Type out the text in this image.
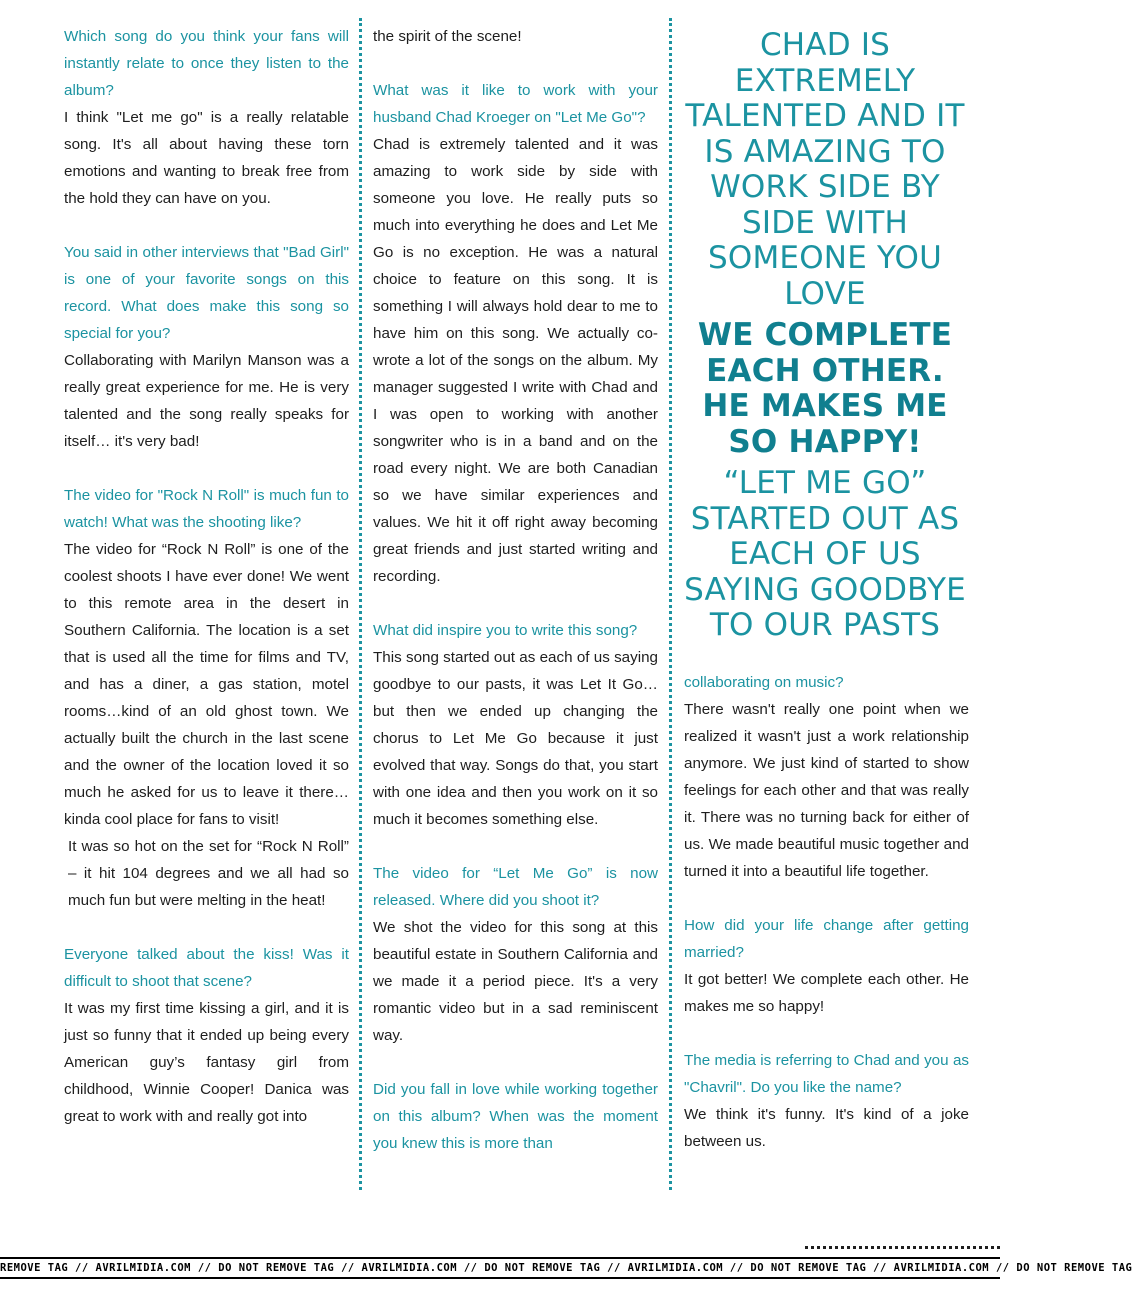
Which song do you think your fans will instantly relate to once they listen to the album?

I think "Let me go" is a really relatable song. It's all about having these torn emotions and wanting to break free from the hold they can have on you.

You said in other interviews that "Bad Girl" is one of your favorite songs on this record. What does make this song so special for you?

Collaborating with Marilyn Manson was a really great experience for me. He is very talented and the song really speaks for itself… it's very bad!

The video for "Rock N Roll" is much fun to watch! What was the shooting like?

The video for “Rock N Roll” is one of the coolest shoots I have ever done! We went to this remote area in the desert in Southern California. The location is a set that is used all the time for films and TV, and has a diner, a gas station, motel rooms…kind of an old ghost town. We actually built the church in the last scene and the owner of the location loved it so much he asked for us to leave it there…kinda cool place for fans to visit!

It was so hot on the set for “Rock N Roll” – it hit 104 degrees and we all had so much fun but were melting in the heat!

Everyone talked about the kiss! Was it difficult to shoot that scene?

It was my first time kissing a girl, and it is just so funny that it ended up being every American guy’s fantasy girl from childhood, Winnie Cooper! Danica was great to work with and really got into

the spirit of the scene!

What was it like to work with your husband Chad Kroeger on "Let Me Go"?

Chad is extremely talented and it was amazing to work side by side with someone you love. He really puts so much into everything he does and Let Me Go is no exception. He was a natural choice to feature on this song. It is something I will always hold dear to me to have him on this song. We actually co-wrote a lot of the songs on the album. My manager suggested I write with Chad and I was open to working with another songwriter who is in a band and on the road every night. We are both Canadian so we have similar experiences and values. We hit it off right away becoming great friends and just started writing and recording.

What did inspire you to write this song?

This song started out as each of us saying goodbye to our pasts, it was Let It Go… but then we ended up changing the chorus to Let Me Go because it just evolved that way. Songs do that, you start with one idea and then you work on it so much it becomes something else.

The video for “Let Me Go” is now released. Where did you shoot it?

We shot the video for this song at this beautiful estate in Southern California and we made it a period piece. It's a very romantic video but in a sad reminiscent way.

Did you fall in love while working together on this album? When was the moment you knew this is more than

CHAD IS EXTREMELY TALENTED AND IT IS AMAZING TO WORK SIDE BY SIDE WITH SOMEONE YOU LOVE

WE COMPLETE EACH OTHER. HE MAKES ME SO HAPPY!

“LET ME GO” STARTED OUT AS EACH OF US SAYING GOODBYE TO OUR PASTS

collaborating on music?

There wasn't really one point when we realized it wasn't just a work relationship anymore. We just kind of started to show feelings for each other and that was really it. There was no turning back for either of us. We made beautiful music together and turned it into a beautiful life together.

How did your life change after getting married?

It got better! We complete each other. He makes me so happy!

The media is referring to Chad and you as "Chavril". Do you like the name?

We think it's funny. It's kind of a joke between us.

REMOVE TAG // AVRILMIDIA.COM // DO NOT REMOVE TAG // AVRILMIDIA.COM // DO NOT REMOVE TAG // AVRILMIDIA.COM // DO NOT REMOVE TAG // AVRILMIDIA.COM // DO NOT REMOVE TAG
